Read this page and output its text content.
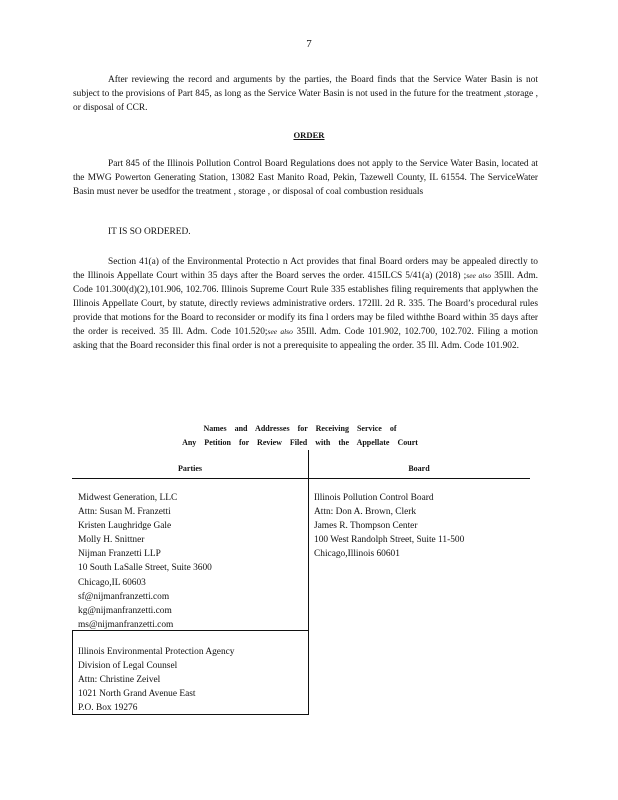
7

After reviewing the record and arguments by the parties, the Board finds that the Service Water Basin is not subject to the provisions of Part 845, as long as the Service Water Basin is not used in the future for the treatment ,storage , or disposal of CCR.

ORDER

Part 845 of the Illinois Pollution Control Board Regulations does not apply to the Service Water Basin, located at the MWG Powerton Generating Station, 13082 East Manito Road, Pekin, Tazewell County, IL 61554. The ServiceWater Basin must never be usedfor the treatment , storage , or disposal of coal combustion residuals

IT IS SO ORDERED.

Section 41(a) of the Environmental Protectio n Act provides that final Board orders may be appealed directly to the Illinois Appellate Court within 35 days after the Board serves the order. 415ILCS 5/41(a) (2018) ;see also 35Ill. Adm. Code 101.300(d)(2),101.906, 102.706. Illinois Supreme Court Rule 335 establishes filing requirements that applywhen the Illinois Appellate Court, by statute, directly reviews administrative orders. 172Ill. 2d R. 335. The Board’s procedural rules provide that motions for the Board to reconsider or modify its fina l orders may be filed withthe Board within 35 days after the order is received. 35 Ill. Adm. Code 101.520;see also 35Ill. Adm. Code 101.902, 102.700, 102.702. Filing a motion asking that the Board reconsider this final order is not a prerequisite to appealing the order. 35 Ill. Adm. Code 101.902.

Names and Addresses for Receiving Service of
Any Petition for Review Filed with the Appellate Court
Parties	Board
Midwest Generation, LLC
Attn: Susan M. Franzetti
Kristen Laughridge Gale
Molly H. Snittner
Nijman Franzetti LLP
10 South LaSalle Street, Suite 3600
Chicago,IL 60603
sf@nijmanfranzetti.com
kg@nijmanfranzetti.com
ms@nijmanfranzetti.com
Illinois Environmental Protection Agency
Division of Legal Counsel
Attn: Christine Zeivel
1021 North Grand Avenue East
P.O. Box 19276
Illinois Pollution Control Board
Attn: Don A. Brown, Clerk
James R. Thompson Center
100 West Randolph Street, Suite 11-500
Chicago,Illinois 60601
